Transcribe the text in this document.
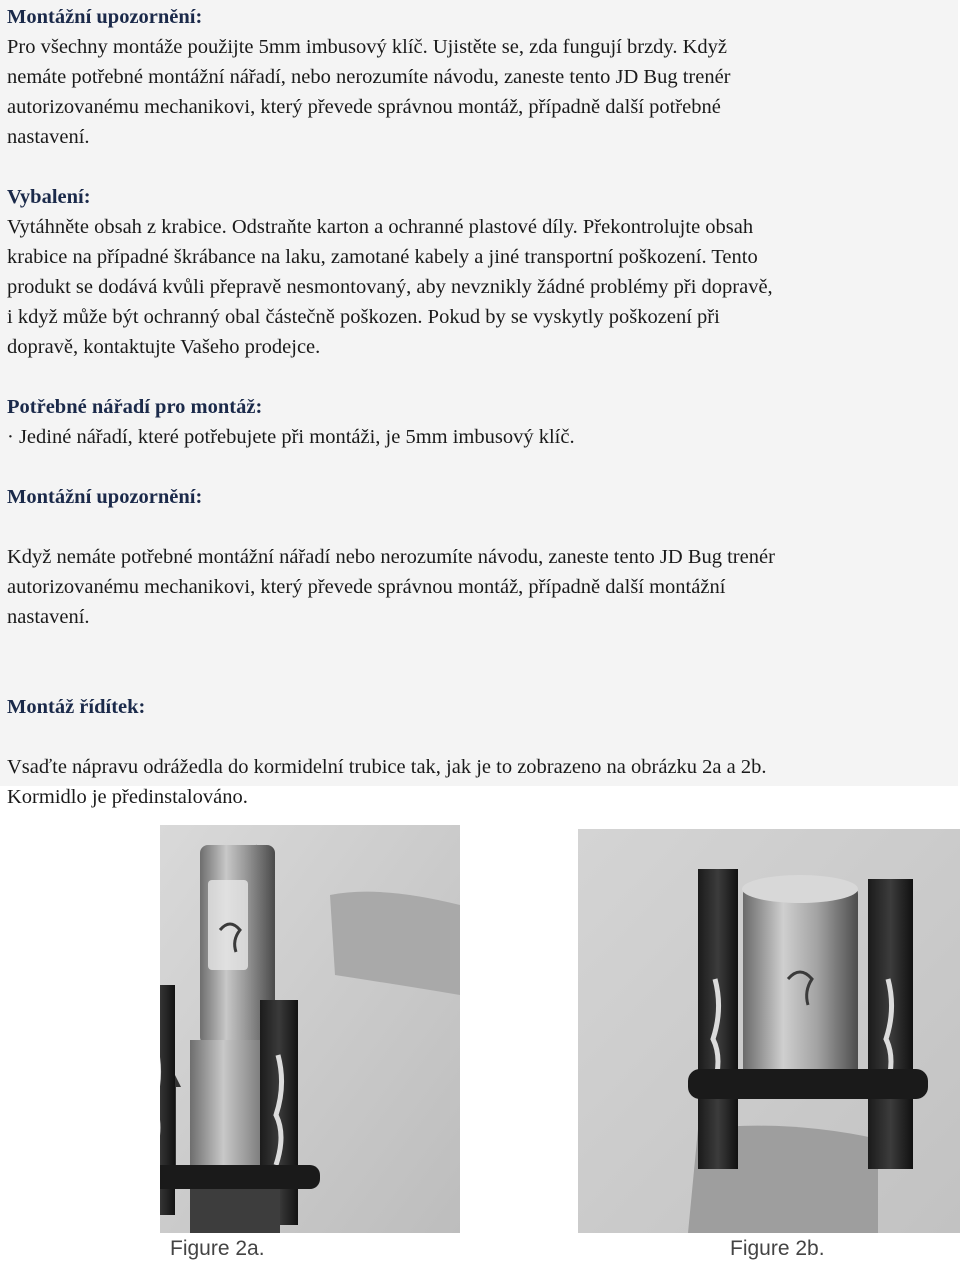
Montážní upozornění:
Pro všechny montáže použijte 5mm imbusový klíč. Ujistěte se, zda fungují brzdy. Když
nemáte potřebné montážní nářadí, nebo nerozumíte návodu, zaneste tento JD Bug trenér
autorizovanému mechanikovi, který převede správnou montáž, případně další potřebné
nastavení.
Vybalení:
Vytáhněte obsah z krabice. Odstraňte karton a ochranné plastové díly. Překontrolujte obsah
krabice na případné škrábance na laku, zamotané kabely a jiné transportní poškození. Tento
produkt se dodává kvůli přepravě nesmontovaný, aby nevznikly žádné problémy při dopravě,
i když může být ochranný obal částečně poškozen. Pokud by se vyskytly poškození při
dopravě, kontaktujte Vašeho prodejce.
Potřebné nářadí pro montáž:
· Jediné nářadí, které potřebujete při montáži, je 5mm imbusový klíč.
Montážní upozornění:
Když nemáte potřebné montážní nářadí nebo nerozumíte návodu, zaneste tento JD Bug trenér
autorizovanému mechanikovi, který převede správnou montáž, případně další montážní
nastavení.
Montáž řídítek:
Vsaďte nápravu odrážedla do kormidelní trubice tak, jak je to zobrazeno na obrázku 2a a 2b.
Kormidlo je předinstalováno.
Figure 2a.	Figure 2b.
